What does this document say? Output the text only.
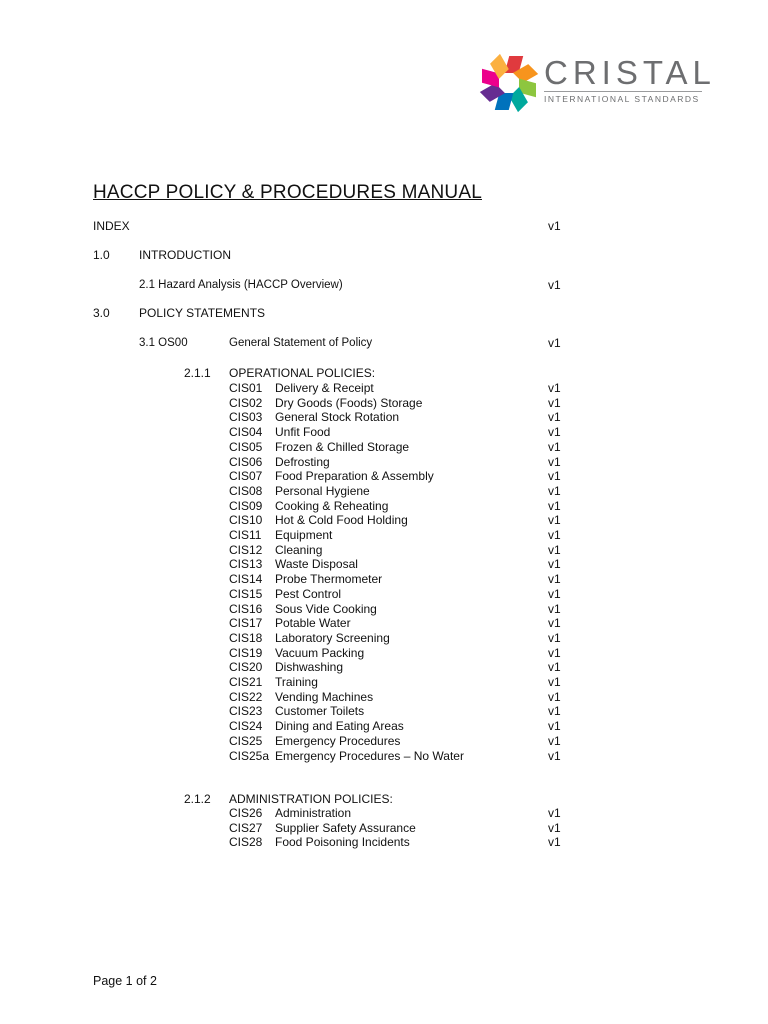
CRISTAL
INTERNATIONAL STANDARDS
HACCP POLICY & PROCEDURES MANUAL
INDEX	v1
1.0 INTRODUCTION
2.1 Hazard Analysis (HACCP Overview)	v1
3.0 POLICY STATEMENTS
3.1 OS00	General Statement of Policy	v1
2.1.1 OPERATIONAL POLICIES:
CIS01 Delivery & Receipt	v1
CIS02 Dry Goods (Foods) Storage	v1
CIS03 General Stock Rotation	v1
CIS04 Unfit Food	v1
CIS05 Frozen & Chilled Storage	v1
CIS06 Defrosting	v1
CIS07 Food Preparation & Assembly	v1
CIS08 Personal Hygiene	v1
CIS09 Cooking & Reheating	v1
CIS10 Hot & Cold Food Holding	v1
CIS11 Equipment	v1
CIS12 Cleaning	v1
CIS13 Waste Disposal	v1
CIS14 Probe Thermometer	v1
CIS15 Pest Control	v1
CIS16 Sous Vide Cooking	v1
CIS17 Potable Water	v1
CIS18 Laboratory Screening	v1
CIS19 Vacuum Packing	v1
CIS20 Dishwashing	v1
CIS21 Training	v1
CIS22 Vending Machines	v1
CIS23 Customer Toilets	v1
CIS24 Dining and Eating Areas	v1
CIS25 Emergency Procedures	v1
CIS25a Emergency Procedures – No Water	v1
2.1.2 ADMINISTRATION POLICIES:
CIS26 Administration	v1
CIS27 Supplier Safety Assurance	v1
CIS28 Food Poisoning Incidents	v1
Page 1 of 2
